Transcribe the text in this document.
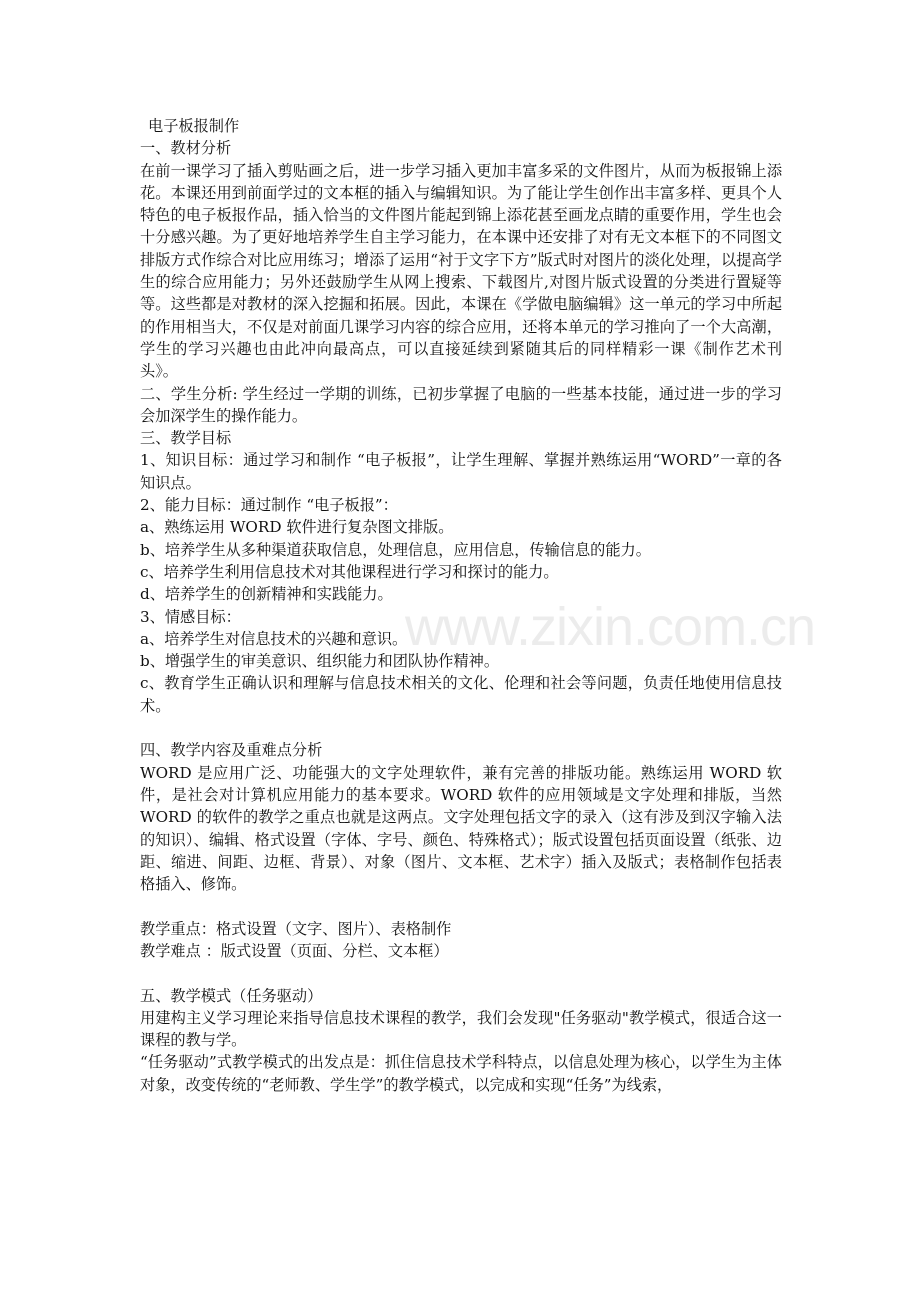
www.zixin.com.cn

电子板报制作

一、教材分析

在前一课学习了插入剪贴画之后，进一步学习插入更加丰富多采的文件图片，从而为板报锦上添花。本课还用到前面学过的文本框的插入与编辑知识。为了能让学生创作出丰富多样、更具个人特色的电子板报作品，插入恰当的文件图片能起到锦上添花甚至画龙点睛的重要作用，学生也会十分感兴趣。为了更好地培养学生自主学习能力，在本课中还安排了对有无文本框下的不同图文排版方式作综合对比应用练习；增添了运用“衬于文字下方”版式时对图片的淡化处理，以提高学生的综合应用能力；另外还鼓励学生从网上搜索、下载图片,对图片版式设置的分类进行置疑等等。这些都是对教材的深入挖掘和拓展。因此，本课在《学做电脑编辑》这一单元的学习中所起的作用相当大，不仅是对前面几课学习内容的综合应用，还将本单元的学习推向了一个大高潮，学生的学习兴趣也由此冲向最高点，可以直接延续到紧随其后的同样精彩一课《制作艺术刊头》。

二、学生分析: 学生经过一学期的训练，已初步掌握了电脑的一些基本技能，通过进一步的学习会加深学生的操作能力。

三、教学目标

1、知识目标：通过学习和制作 “电子板报”，让学生理解、掌握并熟练运用“WORD”一章的各知识点。

2、能力目标：通过制作 “电子板报”：

a、熟练运用 WORD 软件进行复杂图文排版。

b、培养学生从多种渠道获取信息，处理信息，应用信息，传输信息的能力。

c、培养学生利用信息技术对其他课程进行学习和探讨的能力。

d、培养学生的创新精神和实践能力。

3、情感目标：

a、培养学生对信息技术的兴趣和意识。

b、增强学生的审美意识、组织能力和团队协作精神。

c、教育学生正确认识和理解与信息技术相关的文化、伦理和社会等问题，负责任地使用信息技术。

四、教学内容及重难点分析

WORD 是应用广泛、功能强大的文字处理软件，兼有完善的排版功能。熟练运用 WORD 软件，是社会对计算机应用能力的基本要求。WORD 软件的应用领域是文字处理和排版，当然 WORD 的软件的教学之重点也就是这两点。文字处理包括文字的录入（这有涉及到汉字输入法的知识）、编辑、格式设置（字体、字号、颜色、特殊格式）；版式设置包括页面设置（纸张、边距、缩进、间距、边框、背景）、对象（图片、文本框、艺术字）插入及版式；表格制作包括表格插入、修饰。

教学重点：格式设置（文字、图片）、表格制作

教学难点 ：版式设置（页面、分栏、文本框）

五、教学模式（任务驱动）

用建构主义学习理论来指导信息技术课程的教学，我们会发现"任务驱动"教学模式，很适合这一课程的教与学。

“任务驱动”式教学模式的出发点是：抓住信息技术学科特点，以信息处理为核心，以学生为主体对象，改变传统的“老师教、学生学”的教学模式，以完成和实现“任务”为线索，
